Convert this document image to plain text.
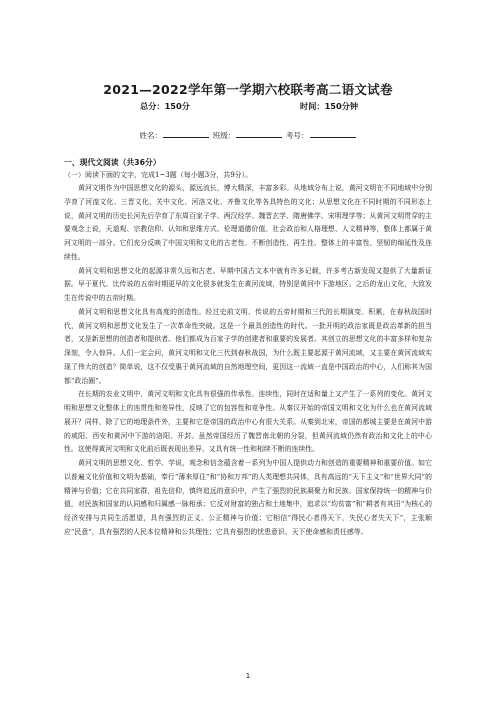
2021—2022学年第一学期六校联考高二语文试卷
总分：150分	时间：150分钟
姓名：	班级：	考号：
一、现代文阅读（共36分）
（一）阅读下面的文字，完成1~3题（每小题3分，共9分）。

黄河文明作为中国思想文化的源头，源远流长，博大精深，丰富多彩。从地域分布上说，黄河文明在不同地域中分别孕育了河湟文化、三晋文化、关中文化、河洛文化、齐鲁文化等各具特色的文化；从思想文化在不同时期的不同形态上说，黄河文明的历史长河先后孕育了东周百家子学、两汉经学、魏晋玄学、隋唐佛学、宋明理学等；从黄河文明贯穿的主要观念上说，天道观、宗教信仰、认知和思维方式、伦理道德价值、社会政治和人格理想、人文精神等，整体上都属于黄河文明的一部分。它们充分反映了中国文明和文化的古老性、不断创造性、再生性、整体上的丰富性、坚韧的绵延性及连续性。

黄河文明和思想文化的起源非常久远和古老。早期中国古文本中就有许多记载，许多考古新发现又提供了大量新证据。早于夏代、比传说的五帝时期更早的文化很多就发生在黄河流域，特别是黄河中下游地区。之后的龙山文化，大致发生在传说中的五帝时期。

黄河文明和思想文化具有高度的创造性。经过史前文明、传说的五帝时期和三代的长期演变、积累，在春秋战国时代，黄河文明和思想文化发生了一次革命性突破。这是一个最具创造性的时代。一批开明的政治家既是政治革新的担当者，又是新思想的创造者和提供者。他们都成为百家子学的创建者和重要的发展者。其创立的思想文化的丰富多样和复杂深刻，令人惊异。人们一定会问，黄河文明和文化三代到春秋战国，为什么既主要起源于黄河流域，又主要在黄河流域实现了伟大的创造？简单说，这不仅受惠于黄河流域的自然地理空间，更因这一流域一直是中国政治的中心，人们称其为国都“政治圈”。

在长期的农业文明中，黄河文明和文化具有很强的传承性、连续性，同时在适和量上又产生了一系列的变化。黄河文明和思想文化整体上的连贯性和差异性，反映了它的包容性和竞争性。从秦汉开始的帝国文明和文化为什么也在黄河流域展开？同样，除了它的地理条件外，主要和它是帝国的政治中心有很大关系。从秦到北宋，帝国的都城主要是在黄河中游的咸阳、西安和黄河中下游的洛阳、开封。虽然帝国经历了魏晋南北朝的分裂，但黄河流域仍然有政治和文化上的中心性。这使得黄河文明和文化前后既表现出差异，又具有统一性和相续不断的连续性。

黄河文明的思想文化、哲学、学说，观念和信念蕴含着一系列为中国人提供动力和创造的重要精神和重要价值。如它以普遍文化价值和文明为基础，奉行“薄来厚往”和“协和万邦”的人类理想共同体，具有高远的“天下主义”和“世界大同”的精神与价值；它在共同家群，祖先信仰，慎终追远的意识中，产生了强烈的民族凝聚力和民族、国家保持统一的精神与价值，对民族和国家的认同感和归属感一脉相承；它反对财富的独占和土地集中，追求以“均贫富”和“耕者有其田”为核心的经济安排与共同生活愿望，具有强烈的正义、公正精神与价值；它相信“得民心者得天下，失民心者失天下”，主张顺应“民意”，具有强烈的人民本位精神和公共理性；它具有强烈的忧患意识、天下使命感和责任感等。

1
